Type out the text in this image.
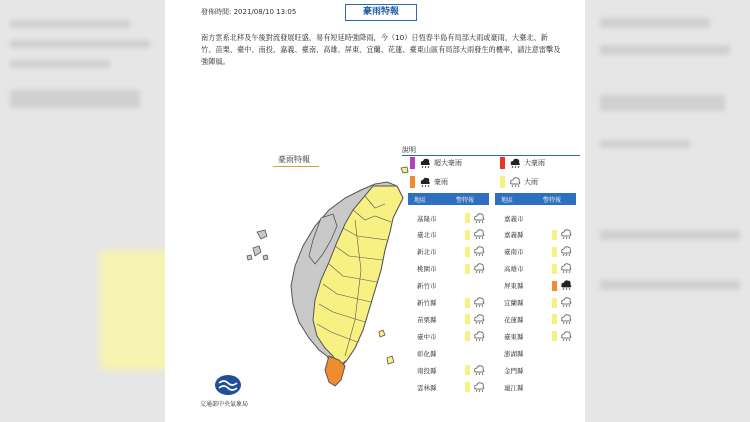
發佈時間: 2021/08/10 13:05	豪雨特報
南方雲系北移及午後對流發展旺盛，易有短延時強降雨，今（10）日恆春半島有局部大雨或豪雨，大臺北、新竹、苗栗、臺中、南投、嘉義、臺南、高雄、屏東、宜蘭、花蓮、臺東山區有局部大雨發生的機率，請注意雷擊及強陣風。
豪雨特報
交通部中央氣象局
說明
超大豪雨	大豪雨
豪雨	大雨
地區	警特報	地區	警特報
基隆市
臺北市
新北市
桃園市
新竹市
新竹縣
苗栗縣
臺中市
彰化縣
南投縣
雲林縣
嘉義市
嘉義縣
臺南市
高雄市
屏東縣
宜蘭縣
花蓮縣
臺東縣
澎湖縣
金門縣
連江縣
